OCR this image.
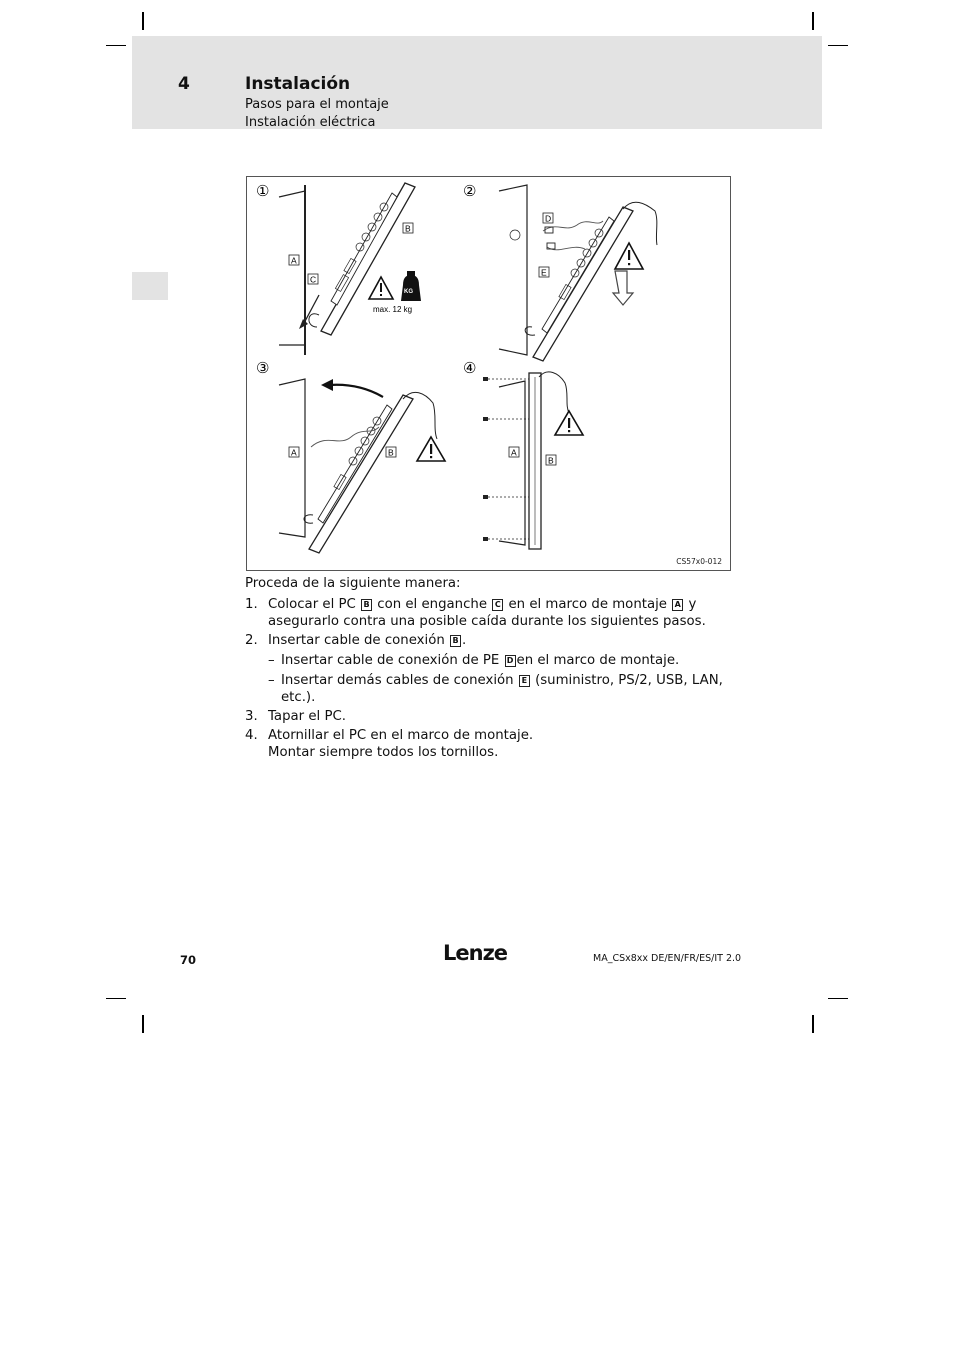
4	Instalación
Pasos para el montaje
Instalación eléctrica
①
A
C
B
KG
max. 12 kg
②
D
E
③
A	B
④
A
B
CS57x0-012
Proceda de la siguiente manera:
1. Colocar el PC B con el enganche C en el marco de montaje A y asegurarlo contra una posible caída durante los siguientes pasos.
2. Insertar cable de conexión B .
– Insertar cable de conexión de PE D en el marco de montaje.
– Insertar demás cables de conexión E (suministro, PS/2, USB, LAN, etc.).
3. Tapar el PC.
4. Atornillar el PC en el marco de montaje.
Montar siempre todos los tornillos.
70	Lenze	MA_CSx8xx DE/EN/FR/ES/IT 2.0
